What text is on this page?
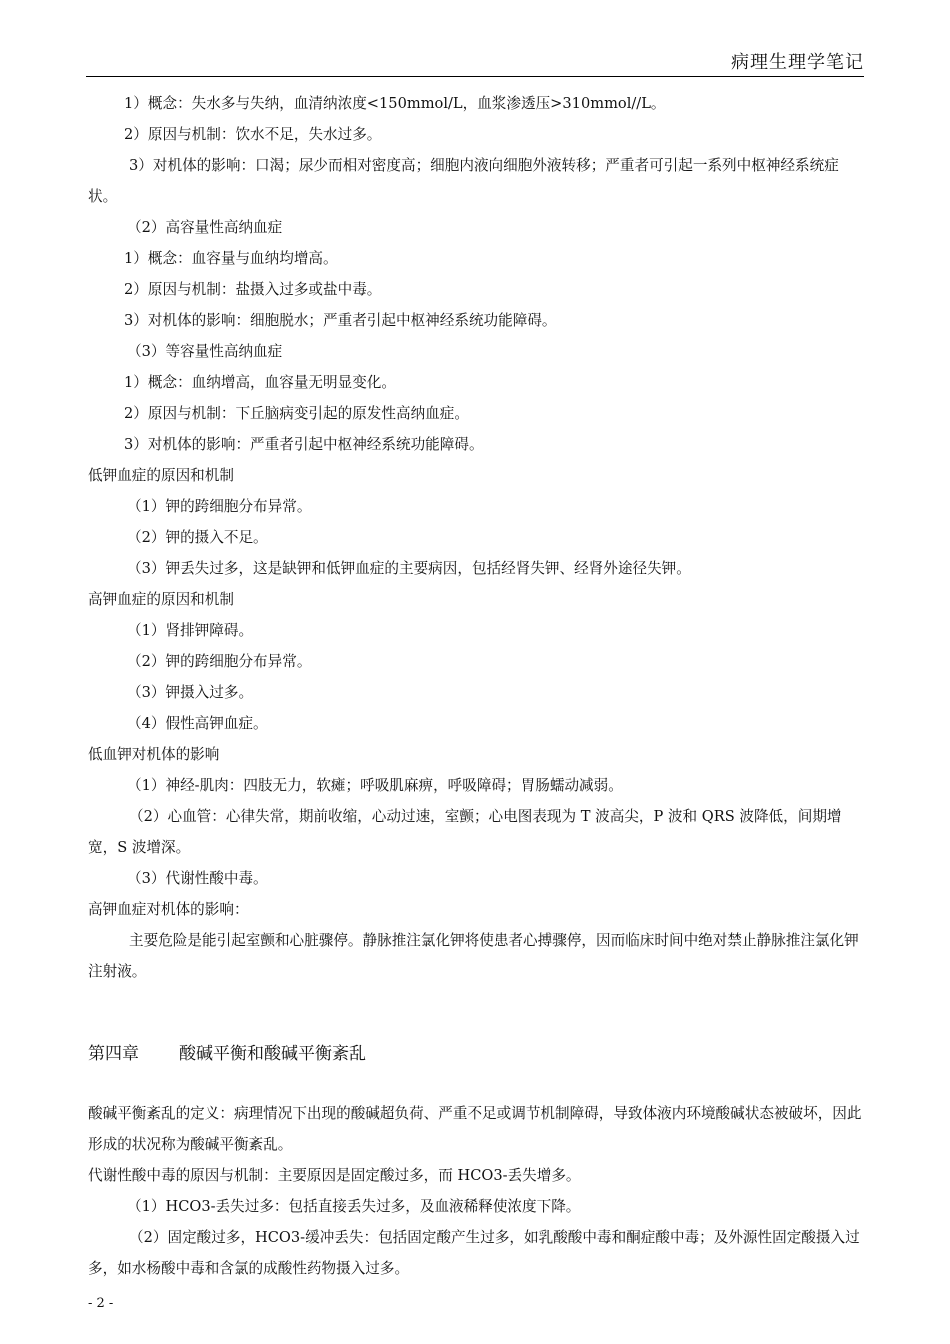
病理生理学笔记
1）概念：失水多与失纳，血清纳浓度<150mmol/L，血浆渗透压>310mmol//L。
2）原因与机制：饮水不足，失水过多。
3）对机体的影响：口渴；尿少而相对密度高；细胞内液向细胞外液转移；严重者可引起一系列中枢神经系统症状。
（2）高容量性高纳血症
1）概念：血容量与血纳均增高。
2）原因与机制：盐摄入过多或盐中毒。
3）对机体的影响：细胞脱水；严重者引起中枢神经系统功能障碍。
（3）等容量性高纳血症
1）概念：血纳增高，血容量无明显变化。
2）原因与机制：下丘脑病变引起的原发性高纳血症。
3）对机体的影响：严重者引起中枢神经系统功能障碍。
低钾血症的原因和机制
（1）钾的跨细胞分布异常。
（2）钾的摄入不足。
（3）钾丢失过多，这是缺钾和低钾血症的主要病因，包括经肾失钾、经肾外途径失钾。
高钾血症的原因和机制
（1）肾排钾障碍。
（2）钾的跨细胞分布异常。
（3）钾摄入过多。
（4）假性高钾血症。
低血钾对机体的影响
（1）神经-肌肉：四肢无力，软瘫；呼吸肌麻痹，呼吸障碍；胃肠蠕动减弱。
（2）心血管：心律失常，期前收缩，心动过速，室颤；心电图表现为 T 波高尖，P 波和 QRS 波降低，间期增宽，S 波增深。
（3）代谢性酸中毒。
高钾血症对机体的影响：
主要危险是能引起室颤和心脏骤停。静脉推注氯化钾将使患者心搏骤停，因而临床时间中绝对禁止静脉推注氯化钾注射液。
第四章 酸碱平衡和酸碱平衡紊乱
酸碱平衡紊乱的定义：病理情况下出现的酸碱超负荷、严重不足或调节机制障碍，导致体液内环境酸碱状态被破坏，因此形成的状况称为酸碱平衡紊乱。
代谢性酸中毒的原因与机制：主要原因是固定酸过多，而 HCO3-丢失增多。
（1）HCO3-丢失过多：包括直接丢失过多，及血液稀释使浓度下降。
（2）固定酸过多，HCO3-缓冲丢失：包括固定酸产生过多，如乳酸酸中毒和酮症酸中毒；及外源性固定酸摄入过多，如水杨酸中毒和含氯的成酸性药物摄入过多。
- 2 -
